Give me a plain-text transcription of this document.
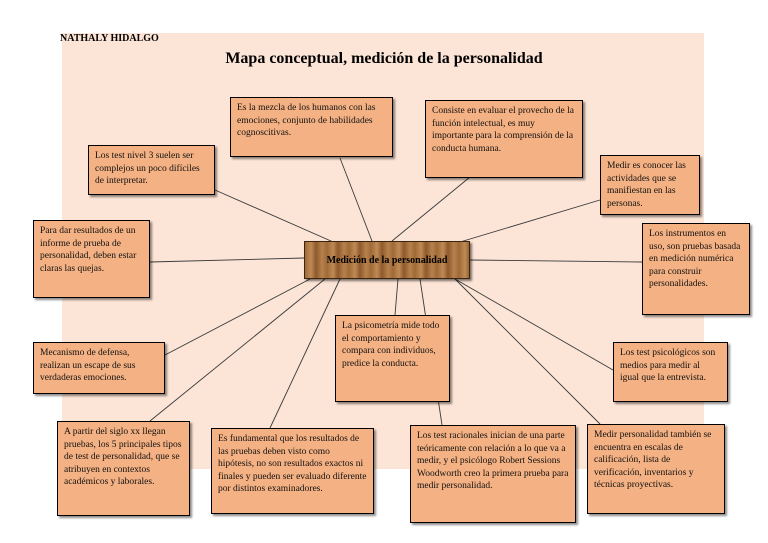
NATHALY HIDALGO
Mapa conceptual, medición de la personalidad
Es la mezcla de los humanos con las emociones, conjunto de habilidades cognoscitivas.
Consiste en evaluar el provecho de la función intelectual, es muy importante para la comprensión de la conducta humana.
Los test nivel 3 suelen ser complejos un poco difíciles de interpretar.
Medir es conocer las actividades que se manifiestan en las personas.
Para dar resultados de un informe de prueba de personalidad, deben estar claras las quejas.
Los instrumentos en uso, son pruebas basada en medición numérica para construir personalidades.
La psicometría mide todo el comportamiento y compara con individuos, predice la conducta.
Mecanismo de defensa, realizan un escape de sus verdaderas emociones.
Los test psicológicos son medios para medir al igual que la entrevista.
A partir del siglo xx llegan pruebas, los 5 principales tipos de test de personalidad, que se atribuyen en contextos académicos y laborales.
Es fundamental que los resultados de las pruebas deben visto como hipótesis, no son resultados exactos ni finales y pueden ser evaluado diferente por distintos examinadores.
Los test racionales inician de una parte teóricamente con relación a lo que va a medir, y el psicólogo Robert Sessions Woodworth creo la primera prueba para medir personalidad.
Medir personalidad también se encuentra en escalas de calificación, lista de verificación, inventarios y técnicas proyectivas.
Medición de la personalidad
